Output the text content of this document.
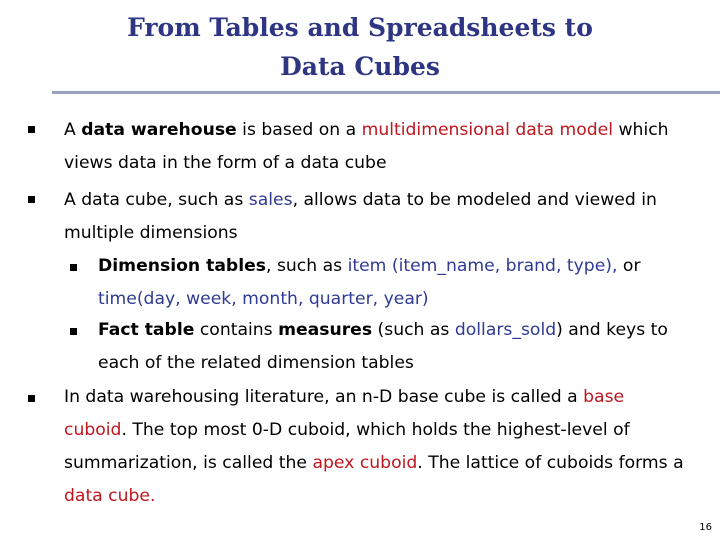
From Tables and Spreadsheets to
Data Cubes

A data warehouse is based on a multidimensional data model which views data in the form of a data cube

A data cube, such as sales, allows data to be modeled and viewed in multiple dimensions

Dimension tables, such as item (item_name, brand, type), or time(day, week, month, quarter, year)

Fact table contains measures (such as dollars_sold) and keys to each of the related dimension tables

In data warehousing literature, an n-D base cube is called a base cuboid. The top most 0-D cuboid, which holds the highest-level of summarization, is called the apex cuboid. The lattice of cuboids forms a data cube.

16
